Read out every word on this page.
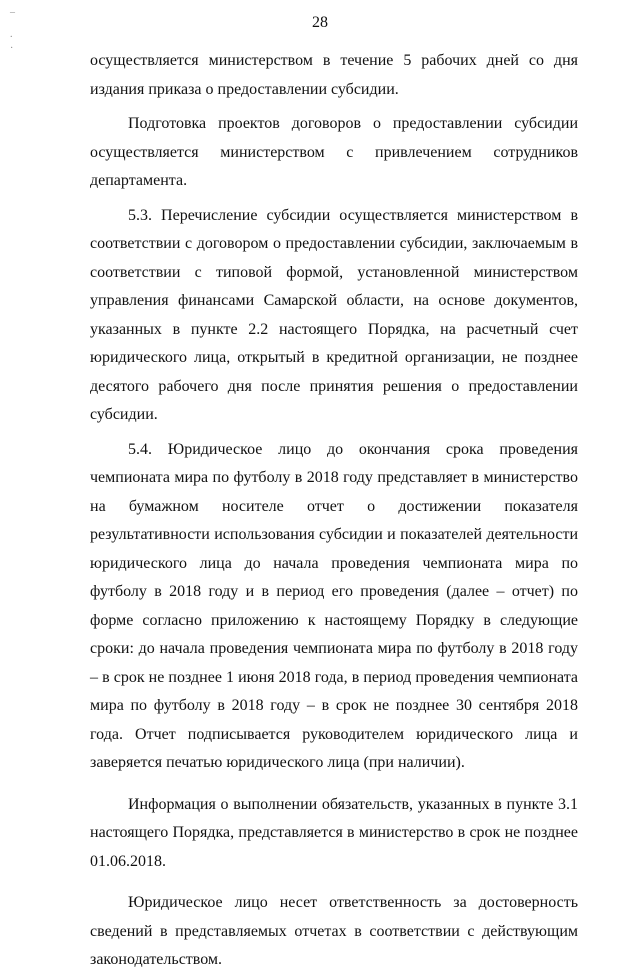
–
.
·
28

осуществляется министерством в течение 5 рабочих дней со дня издания приказа о предоставлении субсидии.

Подготовка проектов договоров о предоставлении субсидии осуществляется министерством с привлечением сотрудников департамента.

5.3. Перечисление субсидии осуществляется министерством в соответствии с договором о предоставлении субсидии, заключаемым в соответствии с типовой формой, установленной министерством управления финансами Самарской области, на основе документов, указанных в пункте 2.2 настоящего Порядка, на расчетный счет юридического лица, открытый в кредитной организации, не позднее десятого рабочего дня после принятия решения о предоставлении субсидии.

5.4. Юридическое лицо до окончания срока проведения чемпионата мира по футболу в 2018 году представляет в министерство на бумажном носителе отчет о достижении показателя результативности использования субсидии и показателей деятельности юридического лица до начала проведения чемпионата мира по футболу в 2018 году и в период его проведения (далее – отчет) по форме согласно приложению к настоящему Порядку в следующие сроки: до начала проведения чемпионата мира по футболу в 2018 году – в срок не позднее 1 июня 2018 года, в период проведения чемпионата мира по футболу в 2018 году – в срок не позднее 30 сентября 2018 года. Отчет подписывается руководителем юридического лица и заверяется печатью юридического лица (при наличии).

Информация о выполнении обязательств, указанных в пункте 3.1 настоящего Порядка, представляется в министерство в срок не позднее 01.06.2018.

Юридическое лицо несет ответственность за достоверность сведений в представляемых отчетах в соответствии с действующим законодательством.
